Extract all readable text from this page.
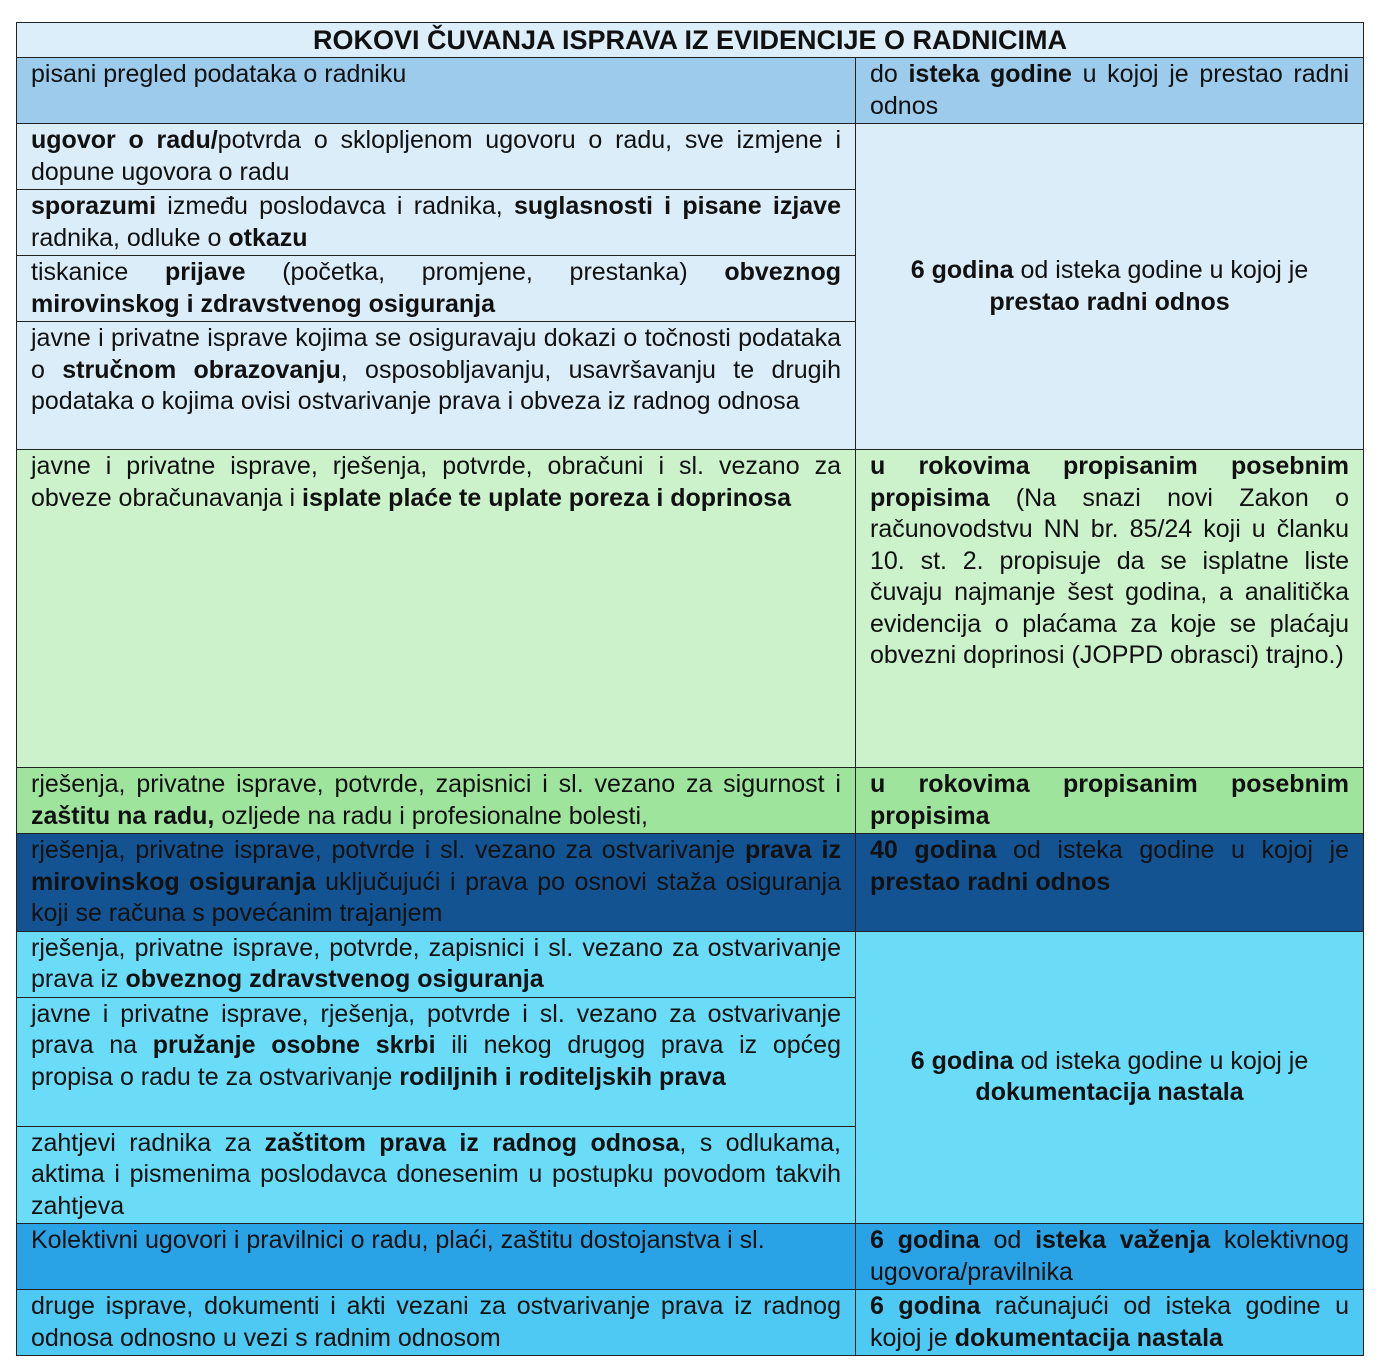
ROKOVI ČUVANJA ISPRAVA IZ EVIDENCIJE O RADNICIMA	
pisani pregled podataka o radniku	do isteka godine u kojoj je prestao radni odnos
ugovor o radu/potvrda o sklopljenom ugovoru o radu, sve izmjene i dopune ugovora o radu	6 godina od isteka godine u kojoj je prestao radni odnos
sporazumi između poslodavca i radnika, suglasnosti i pisane izjave radnika, odluke o otkazu	
tiskanice prijave (početka, promjene, prestanka) obveznog mirovinskog i zdravstvenog osiguranja	
javne i privatne isprave kojima se osiguravaju dokazi o točnosti podataka o stručnom obrazovanju, osposobljavanju, usavršavanju te drugih podataka o kojima ovisi ostvarivanje prava i obveza iz radnog odnosa	
javne i privatne isprave, rješenja, potvrde, obračuni i sl. vezano za obveze obračunavanja i isplate plaće te uplate poreza i doprinosa	u rokovima propisanim posebnim propisima (Na snazi novi Zakon o računovodstvu NN br. 85/24 koji u članku 10. st. 2. propisuje da se isplatne liste čuvaju najmanje šest godina, a analitička evidencija o plaćama za koje se plaćaju obvezni doprinosi (JOPPD obrasci) trajno.)
rješenja, privatne isprave, potvrde, zapisnici i sl. vezano za sigurnost i zaštitu na radu, ozljede na radu i profesionalne bolesti,	u rokovima propisanim posebnim propisima
rješenja, privatne isprave, potvrde i sl. vezano za ostvarivanje prava iz mirovinskog osiguranja uključujući i prava po osnovi staža osiguranja koji se računa s povećanim trajanjem	40 godina od isteka godine u kojoj je prestao radni odnos
rješenja, privatne isprave, potvrde, zapisnici i sl. vezano za ostvarivanje prava iz obveznog zdravstvenog osiguranja	6 godina od isteka godine u kojoj je dokumentacija nastala
javne i privatne isprave, rješenja, potvrde i sl. vezano za ostvarivanje prava na pružanje osobne skrbi ili nekog drugog prava iz općeg propisa o radu te za ostvarivanje rodiljnih i roditeljskih prava	
zahtjevi radnika za zaštitom prava iz radnog odnosa, s odlukama, aktima i pismenima poslodavca donesenim u postupku povodom takvih zahtjeva	
Kolektivni ugovori i pravilnici o radu, plaći, zaštitu dostojanstva i sl.	6 godina od isteka važenja kolektivnog ugovora/pravilnika
druge isprave, dokumenti i akti vezani za ostvarivanje prava iz radnog odnosa odnosno u vezi s radnim odnosom	6 godina računajući od isteka godine u kojoj je dokumentacija nastala
